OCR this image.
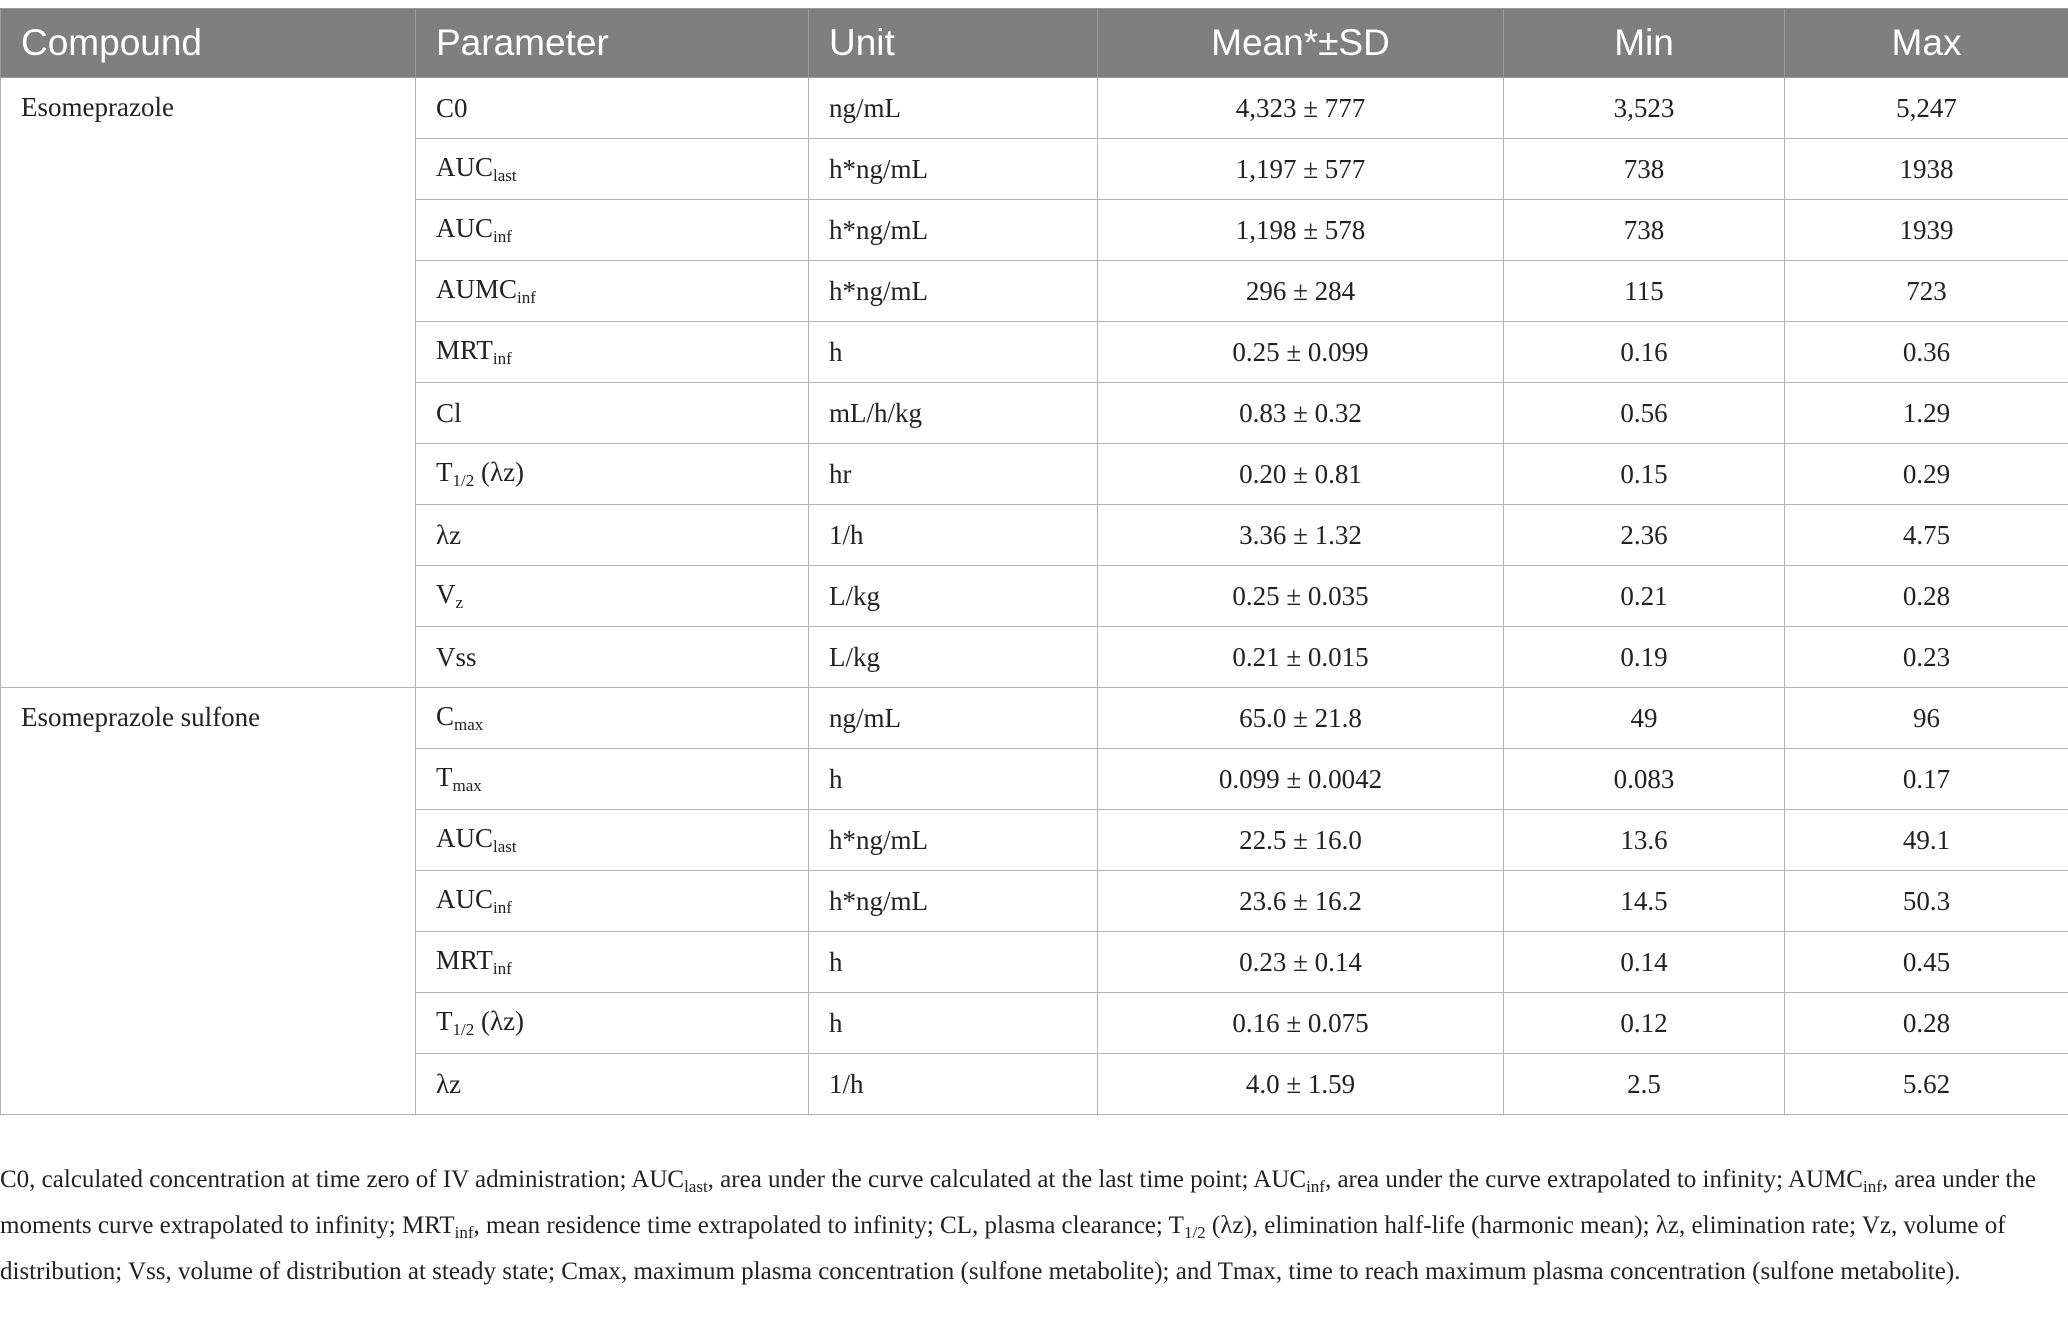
Compound	Parameter	Unit	Mean*±SD	Min	Max
Esomeprazole	C0	ng/mL	4,323 ± 777	3,523	5,247
	$AUC_{last}$	h*ng/mL	1,197 ± 577	738	1938
	$AUC_{inf}$	h*ng/mL	1,198 ± 578	738	1939
	$AUMC_{inf}$	h*ng/mL	296 ± 284	115	723
	$MRT_{inf}$	h	0.25 ± 0.099	0.16	0.36
	Cl	mL/h/kg	0.83 ± 0.32	0.56	1.29
	$T_{1/2}$ (λz)	hr	0.20 ± 0.81	0.15	0.29
	λz	1/h	3.36 ± 1.32	2.36	4.75
	$V_z$	L/kg	0.25 ± 0.035	0.21	0.28
	Vss	L/kg	0.21 ± 0.015	0.19	0.23
Esomeprazole sulfone	$C_{max}$	ng/mL	65.0 ± 21.8	49	96
	$T_{max}$	h	0.099 ± 0.0042	0.083	0.17
	$AUC_{last}$	h*ng/mL	22.5 ± 16.0	13.6	49.1
	$AUC_{inf}$	h*ng/mL	23.6 ± 16.2	14.5	50.3
	$MRT_{inf}$	h	0.23 ± 0.14	0.14	0.45
	$T_{1/2}$ (λz)	h	0.16 ± 0.075	0.12	0.28
	λz	1/h	4.0 ± 1.59	2.5	5.62
C0, calculated concentration at time zero of IV administration; $AUC_{last}$, area under the curve calculated at the last time point; $AUC_{inf}$, area under the curve extrapolated to infinity; $AUMC_{inf}$, area under the moments curve extrapolated to infinity; $MRT_{inf}$, mean residence time extrapolated to infinity; CL, plasma clearance; $T_{1/2}$ (λz), elimination half-life (harmonic mean); λz, elimination rate; Vz, volume of distribution; Vss, volume of distribution at steady state; Cmax, maximum plasma concentration (sulfone metabolite); and Tmax, time to reach maximum plasma concentration (sulfone metabolite).
